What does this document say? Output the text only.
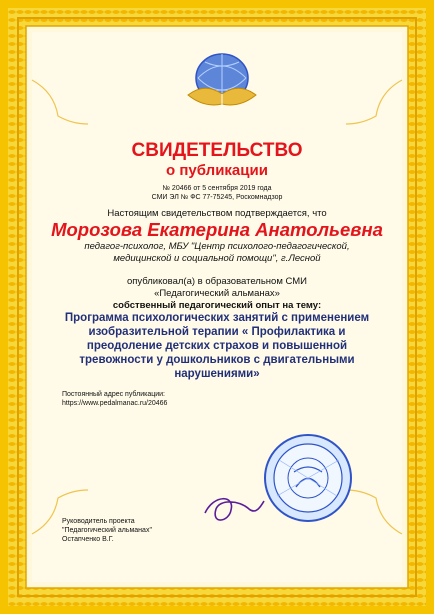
СВИДЕТЕЛЬСТВО
о публикации
№ 20466 от 5 сентября 2019 года
СМИ ЭЛ № ФС 77-75245, Роскомнадзор
Настоящим свидетельством подтверждается, что
Морозова Екатерина Анатольевна
педагог-психолог, МБУ "Центр психолого-педагогической,
медицинской и социальной помощи", г.Лесной
опубликовал(а) в образовательном СМИ
«Педагогический альманах»
собственный педагогический опыт на тему:
Программа психологических занятий с применением
изобразительной терапии « Профилактика и
преодоление детских страхов и повышенной
тревожности у дошкольников с двигательными
нарушениями»
Постоянный адрес публикации:
https://www.pedalmanac.ru/20466
Руководитель проекта
"Педагогический альманах"
Остапченко В.Г.
